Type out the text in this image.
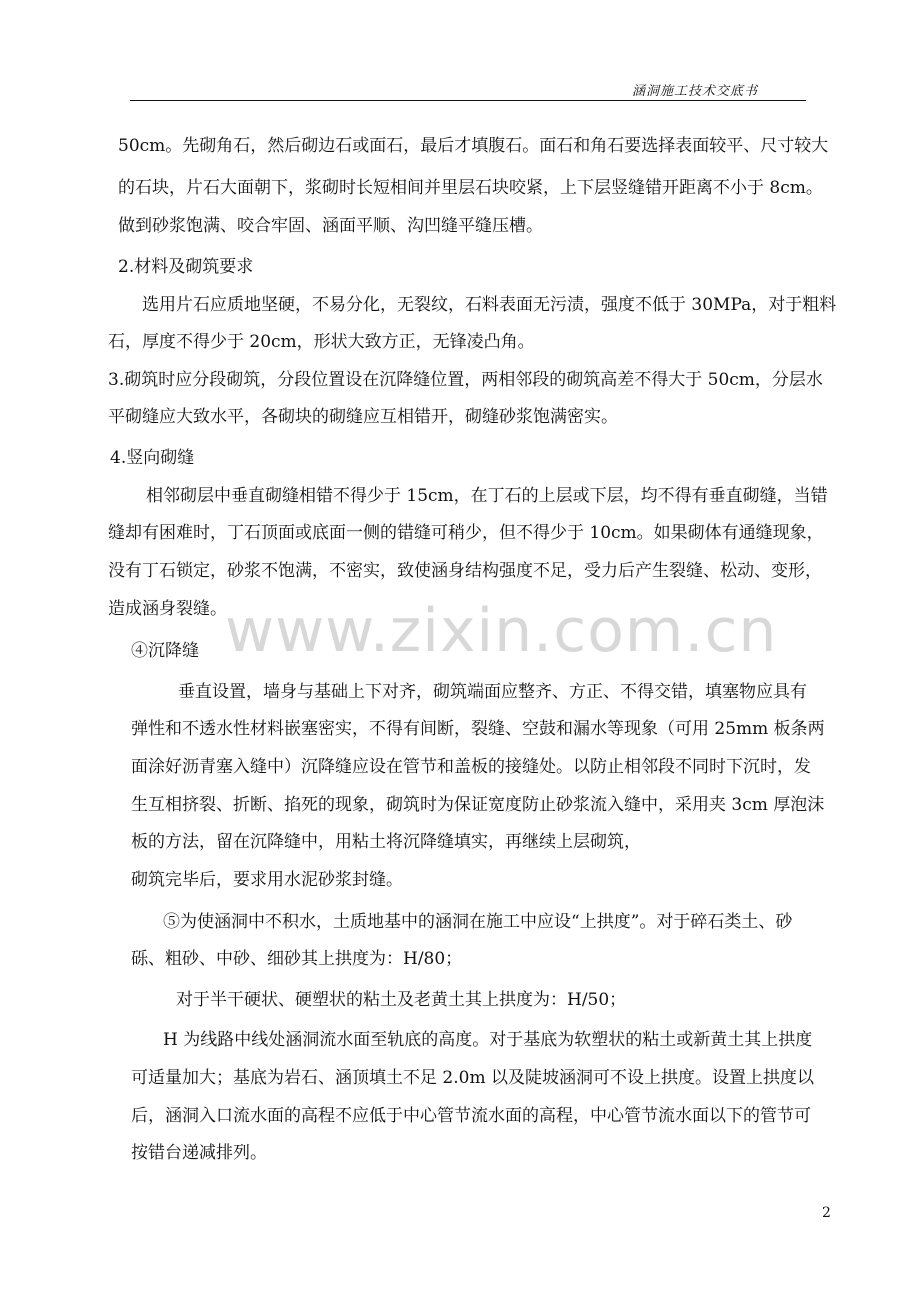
涵洞施工技术交底书
www.zixin.com.cn
50cm。先砌角石，然后砌边石或面石，最后才填腹石。面石和角石要选择表面较平、尺寸较大
的石块，片石大面朝下，浆砌时长短相间并里层石块咬紧，上下层竖缝错开距离不小于 8cm。
做到砂浆饱满、咬合牢固、涵面平顺、沟凹缝平缝压槽。
2.材料及砌筑要求
选用片石应质地坚硬，不易分化，无裂纹，石料表面无污渍，强度不低于 30MPa，对于粗料
石，厚度不得少于 20cm，形状大致方正，无锋凌凸角。
3.砌筑时应分段砌筑，分段位置设在沉降缝位置，两相邻段的砌筑高差不得大于 50cm，分层水
平砌缝应大致水平，各砌块的砌缝应互相错开，砌缝砂浆饱满密实。
4.竖向砌缝
相邻砌层中垂直砌缝相错不得少于 15cm，在丁石的上层或下层，均不得有垂直砌缝，当错
缝却有困难时，丁石顶面或底面一侧的错缝可稍少，但不得少于 10cm。如果砌体有通缝现象，
没有丁石锁定，砂浆不饱满，不密实，致使涵身结构强度不足，受力后产生裂缝、松动、变形，
造成涵身裂缝。
④沉降缝
垂直设置，墙身与基础上下对齐，砌筑端面应整齐、方正、不得交错，填塞物应具有
弹性和不透水性材料嵌塞密实，不得有间断，裂缝、空鼓和漏水等现象（可用 25mm 板条两
面涂好沥青塞入缝中）沉降缝应设在管节和盖板的接缝处。以防止相邻段不同时下沉时，发
生互相挤裂、折断、掐死的现象，砌筑时为保证宽度防止砂浆流入缝中，采用夹 3cm 厚泡沫
板的方法，留在沉降缝中，用粘土将沉降缝填实，再继续上层砌筑，
砌筑完毕后，要求用水泥砂浆封缝。
⑤为使涵洞中不积水，土质地基中的涵洞在施工中应设“上拱度”。对于碎石类土、砂
砾、粗砂、中砂、细砂其上拱度为：H/80；
对于半干硬状、硬塑状的粘土及老黄土其上拱度为：H/50；
H 为线路中线处涵洞流水面至轨底的高度。对于基底为软塑状的粘土或新黄土其上拱度
可适量加大；基底为岩石、涵顶填土不足 2.0m 以及陡坡涵洞可不设上拱度。设置上拱度以
后，涵洞入口流水面的高程不应低于中心管节流水面的高程，中心管节流水面以下的管节可
按错台递减排列。
2
